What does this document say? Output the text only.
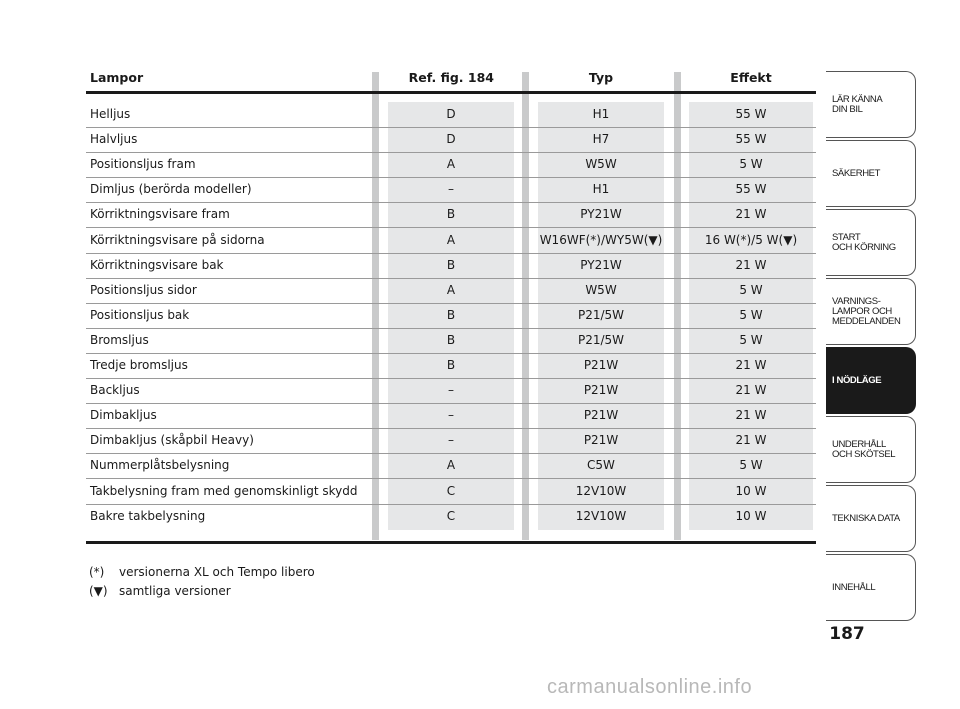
Lampor	Ref. fig. 184	Typ	Effekt
Helljus	D	H1	55 W
Halvljus	D	H7	55 W
Positionsljus fram	A	W5W	5 W
Dimljus (berörda modeller)	–	H1	55 W
Körriktningsvisare fram	B	PY21W	21 W
Körriktningsvisare på sidorna	A	W16WF(*)/WY5W(▼)	16 W(*)/5 W(▼)
Körriktningsvisare bak	B	PY21W	21 W
Positionsljus sidor	A	W5W	5 W
Positionsljus bak	B	P21/5W	5 W
Bromsljus	B	P21/5W	5 W
Tredje bromsljus	B	P21W	21 W
Backljus	–	P21W	21 W
Dimbakljus	–	P21W	21 W
Dimbakljus (skåpbil Heavy)	–	P21W	21 W
Nummerplåtsbelysning	A	C5W	5 W
Takbelysning fram med genomskinligt skydd	C	12V10W	10 W
Bakre takbelysning	C	12V10W	10 W
(*) versionerna XL och Tempo libero
(▼) samtliga versioner
LÄR KÄNNA
DIN BIL
SÄKERHET
START
OCH KÖRNING
VARNINGS-
LAMPOR OCH
MEDDELANDEN
I NÖDLÄGE
UNDERHÅLL
OCH SKÖTSEL
TEKNISKA DATA
INNEHÅLL
187
carmanualsonline.info
